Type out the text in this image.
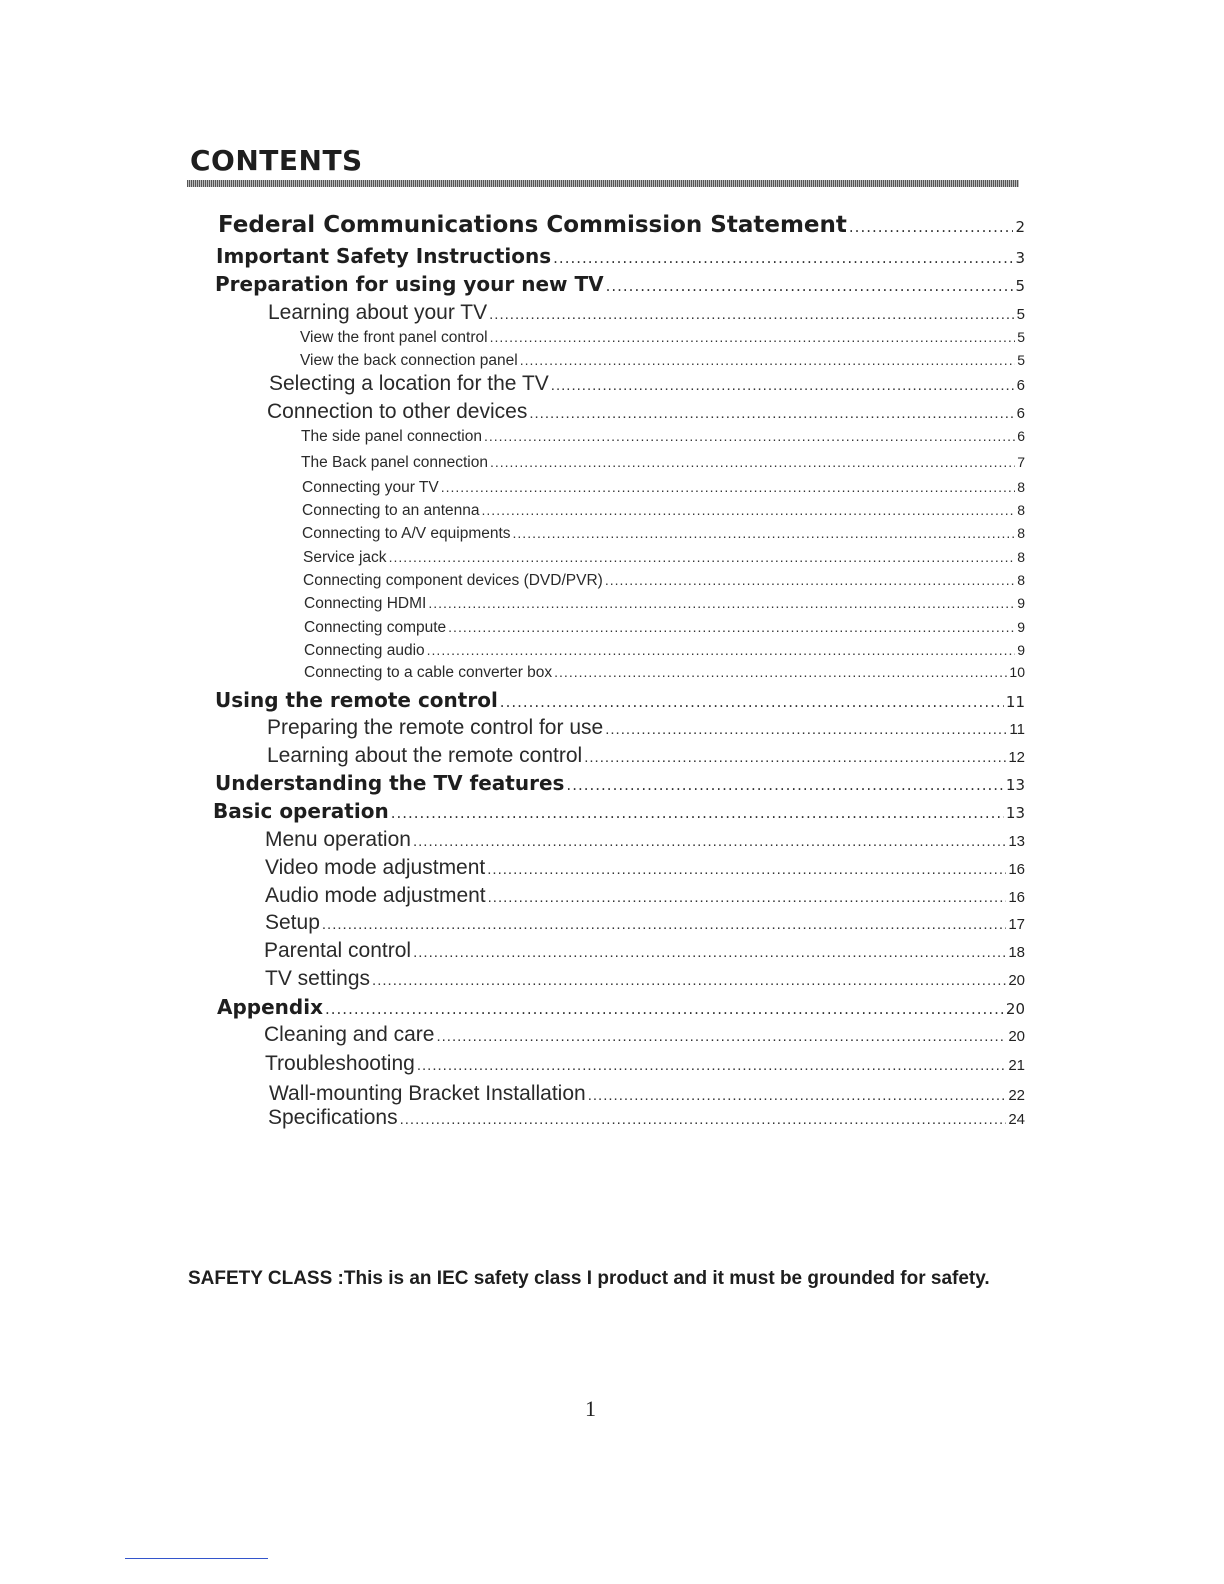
CONTENTS
Federal Communications Commission Statement .....	2
Important Safety Instructions .....	3
Preparation for using your new TV .....	5
Learning about your TV .....	5
View the front panel control .....	5
View the back connection panel .....	5
Selecting a location for the TV .....	6
Connection to other devices .....	6
The side panel connection .....	6
The Back panel connection .....	7
Connecting your TV .....	8
Connecting to an antenna .....	8
Connecting to A/V equipments .....	8
Service jack .....	8
Connecting component devices (DVD/PVR) .....	8
Connecting HDMI .....	9
Connecting compute .....	9
Connecting audio .....	9
Connecting to a cable converter box .....	10
Using the remote control .....	11
Preparing the remote control for use .....	11
Learning about the remote control .....	12
Understanding the TV features .....	13
Basic operation .....	13
Menu operation .....	13
Video mode adjustment .....	16
Audio mode adjustment .....	16
Setup .....	17
Parental control .....	18
TV settings .....	20
Appendix .....	20
Cleaning and care .....	20
Troubleshooting .....	21
Wall-mounting Bracket Installation .....	22
Specifications .....	24
SAFETY CLASS :This is an IEC safety class I product and it must be grounded for safety.
1
